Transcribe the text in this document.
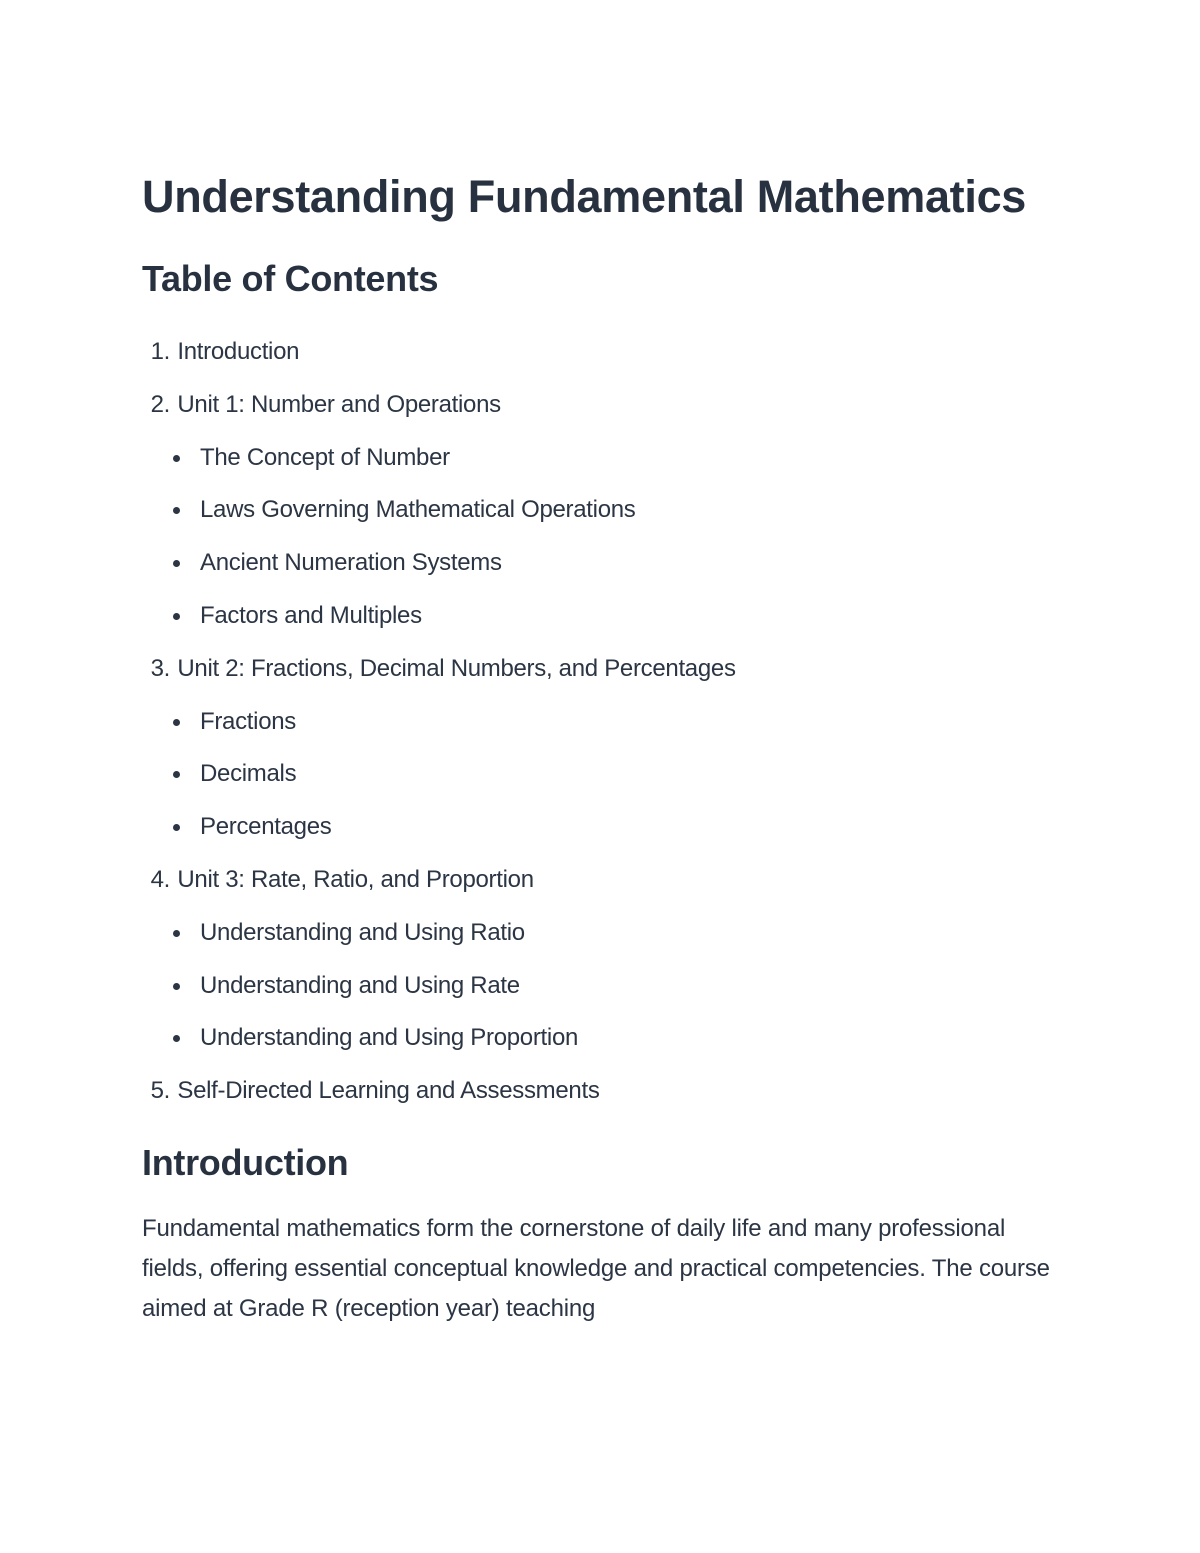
Understanding Fundamental Mathematics
Table of Contents
1. Introduction
2. Unit 1: Number and Operations
The Concept of Number
Laws Governing Mathematical Operations
Ancient Numeration Systems
Factors and Multiples
3. Unit 2: Fractions, Decimal Numbers, and Percentages
Fractions
Decimals
Percentages
4. Unit 3: Rate, Ratio, and Proportion
Understanding and Using Ratio
Understanding and Using Rate
Understanding and Using Proportion
5. Self-Directed Learning and Assessments
Introduction

Fundamental mathematics form the cornerstone of daily life and many professional fields, offering essential conceptual knowledge and practical competencies. The course aimed at Grade R (reception year) teaching
